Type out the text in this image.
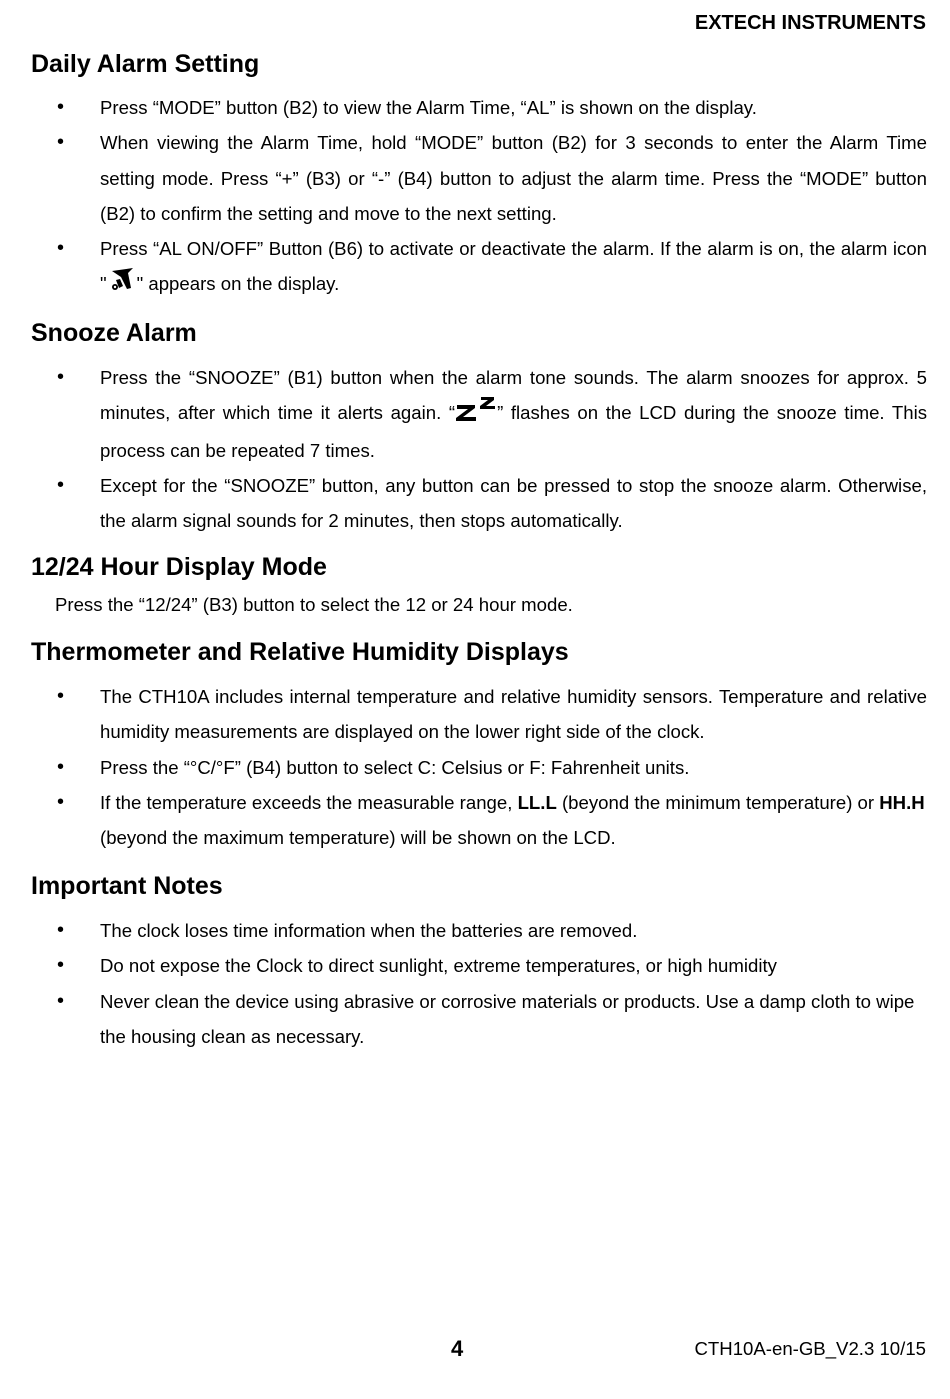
EXTECH INSTRUMENTS
Daily Alarm Setting
• Press “MODE” button (B2) to view the Alarm Time, “AL” is shown on the display.
• When viewing the Alarm Time, hold “MODE” button (B2) for 3 seconds to enter the Alarm Time setting mode. Press “+” (B3) or “-” (B4) button to adjust the alarm time. Press the “MODE” button (B2) to confirm the setting and move to the next setting.
• Press “AL ON/OFF” Button (B6) to activate or deactivate the alarm. If the alarm is on, the alarm icon " " appears on the display.
Snooze Alarm
• Press the “SNOOZE” (B1) button when the alarm tone sounds. The alarm snoozes for approx. 5 minutes, after which time it alerts again. “ ” flashes on the LCD during the snooze time. This process can be repeated 7 times.
• Except for the “SNOOZE” button, any button can be pressed to stop the snooze alarm. Otherwise, the alarm signal sounds for 2 minutes, then stops automatically.
12/24 Hour Display Mode
Press the “12/24” (B3) button to select the 12 or 24 hour mode.
Thermometer and Relative Humidity Displays
• The CTH10A includes internal temperature and relative humidity sensors. Temperature and relative humidity measurements are displayed on the lower right side of the clock.
• Press the “°C/°F” (B4) button to select C: Celsius or F: Fahrenheit units.
• If the temperature exceeds the measurable range, LL.L (beyond the minimum temperature) or HH.H (beyond the maximum temperature) will be shown on the LCD.
Important Notes
• The clock loses time information when the batteries are removed.
• Do not expose the Clock to direct sunlight, extreme temperatures, or high humidity
• Never clean the device using abrasive or corrosive materials or products. Use a damp cloth to wipe the housing clean as necessary.
4	CTH10A-en-GB_V2.3 10/15
